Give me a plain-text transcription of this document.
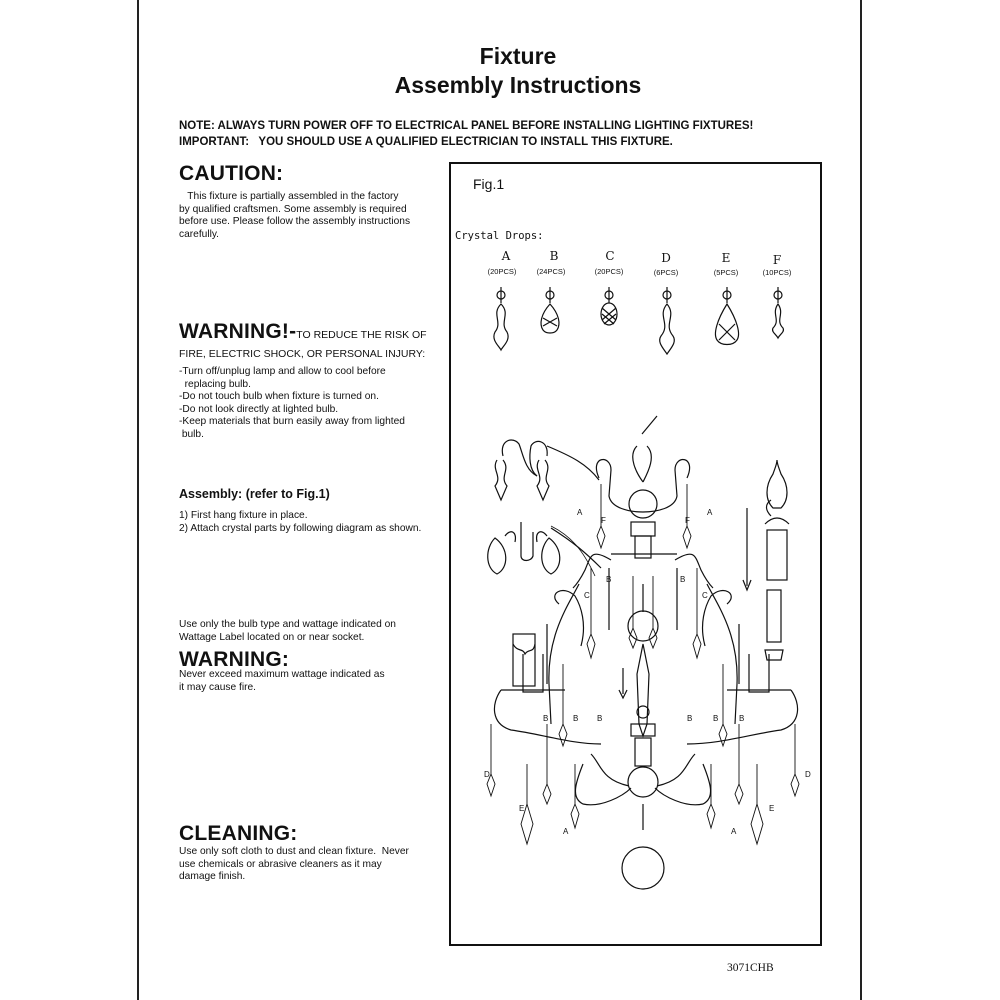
Fixture
Assembly Instructions
NOTE: ALWAYS TURN POWER OFF TO ELECTRICAL PANEL BEFORE INSTALLING LIGHTING FIXTURES!
IMPORTANT:   YOU SHOULD USE A QUALIFIED ELECTRICIAN TO INSTALL THIS FIXTURE.
CAUTION:
This fixture is partially assembled in the factory
by qualified craftsmen. Some assembly is required
before use. Please follow the assembly instructions
carefully.
WARNING!-TO REDUCE THE RISK OF
FIRE, ELECTRIC SHOCK, OR PERSONAL INJURY:
-Turn off/unplug lamp and allow to cool before
replacing bulb.
-Do not touch bulb when fixture is turned on.
-Do not look directly at lighted bulb.
-Keep materials that burn easily away from lighted
bulb.
Assembly: (refer to Fig.1)
1) First hang fixture in place.
2) Attach crystal parts by following diagram as shown.
Use only the bulb type and wattage indicated on
Wattage Label located on or near socket.
WARNING:
Never exceed maximum wattage indicated as
it may cause fire.
CLEANING:
Use only soft cloth to dust and clean fixture.  Never
use chemicals or abrasive cleaners as it may
damage finish.
Fig.1
Crystal Drops:
A	B	C	D	E	F
(20PCS)	(24PCS)	(20PCS)	(6PCS)	(5PCS)	(10PCS)
A
F	F
A
B	B
C	C
B	B B	B	B	B
D	D
E	E
A	A
3071CHB
